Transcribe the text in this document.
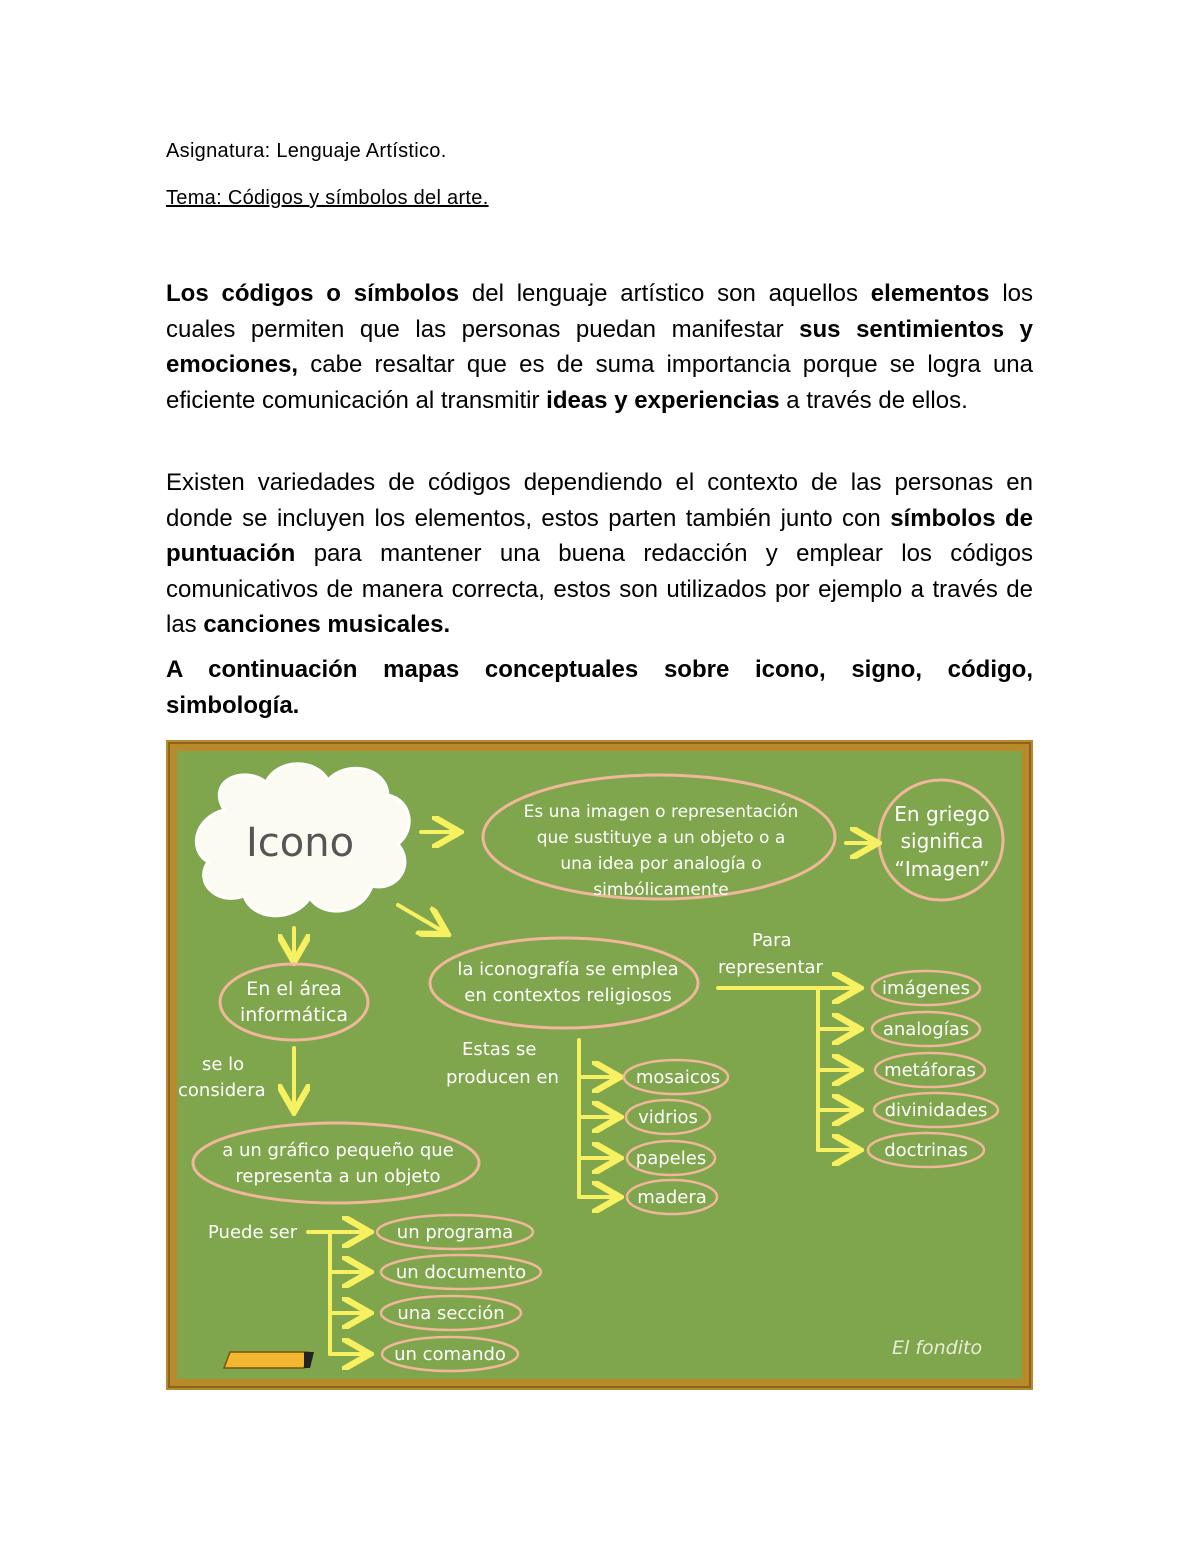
Asignatura: Lenguaje Artístico.
Tema: Códigos y símbolos del arte.
Los códigos o símbolos del lenguaje artístico son aquellos elementos los cuales permiten que las personas puedan manifestar sus sentimientos y emociones, cabe resaltar que es de suma importancia porque se logra una eficiente comunicación al transmitir ideas y experiencias a través de ellos.
Existen variedades de códigos dependiendo el contexto de las personas en donde se incluyen los elementos, estos parten también junto con símbolos de puntuación para mantener una buena redacción y emplear los códigos comunicativos de manera correcta, estos son utilizados por ejemplo a través de las canciones musicales.
A continuación mapas conceptuales sobre icono, signo, código, simbología.
Icono
Es una imagen o representación
que sustituye a un objeto o a
una idea por analogía o
simbólicamente
En griego
significa
“Imagen”
En el área
informática
se lo
considera
a un gráfico pequeño que
representa a un objeto
Puede ser	un programa
un documento
una sección
un comando
la iconografía se emplea
en contextos religiosos
Estas se
producen en	mosaicos
vidrios
papeles
madera
Para
representar
imágenes
analogías
metáforas
divinidades
doctrinas
El fondito
